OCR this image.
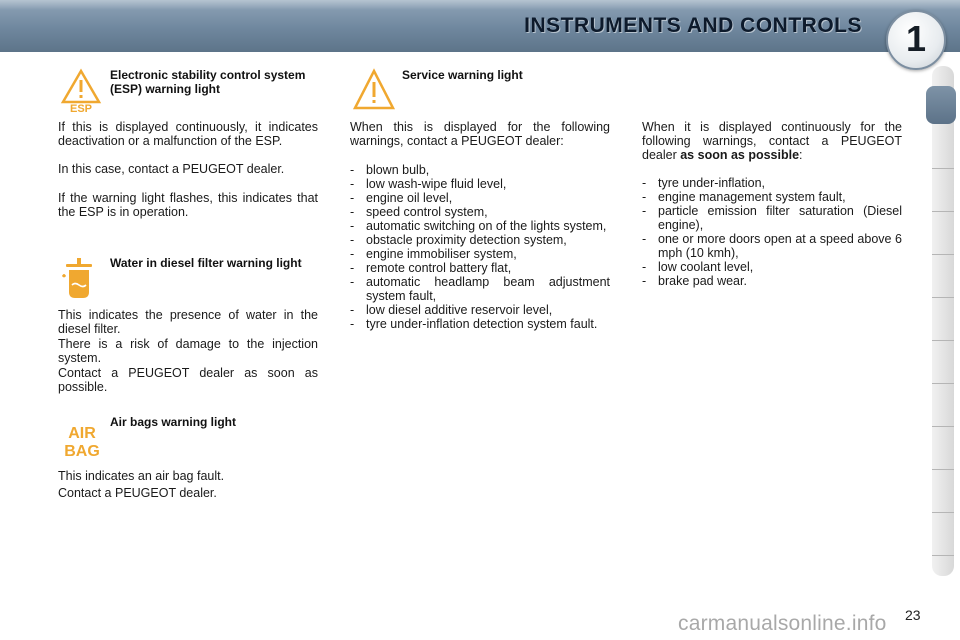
INSTRUMENTS AND CONTROLS	1
ESP
Electronic stability control system (ESP) warning light

If this is displayed continuously, it indicates deactivation or a malfunction of the ESP.

In this case, contact a PEUGEOT dealer.

If the warning light flashes, this indicates that the ESP is in operation.

Water in diesel filter warning light

This indicates the presence of water in the diesel filter.

There is a risk of damage to the injection system.

Contact a PEUGEOT dealer as soon as possible.

AIR
BAG
Air bags warning light

This indicates an air bag fault.

Contact a PEUGEOT dealer.

Service warning light

When this is displayed for the following warnings, contact a PEUGEOT dealer:

- blown bulb,
- low wash-wipe fluid level,
- engine oil level,
- speed control system,
- automatic switching on of the lights system,
- obstacle proximity detection system,
- engine immobiliser system,
- remote control battery flat,
- automatic headlamp beam adjustment system fault,
- low diesel additive reservoir level,
- tyre under-inflation detection system fault.

When it is displayed continuously for the following warnings, contact a PEUGEOT dealer as soon as possible:

- tyre under-inflation,
- engine management system fault,
- particle emission filter saturation (Diesel engine),
- one or more doors open at a speed above 6 mph (10 kmh),
- low coolant level,
- brake pad wear.
carmanualsonline.info 23
